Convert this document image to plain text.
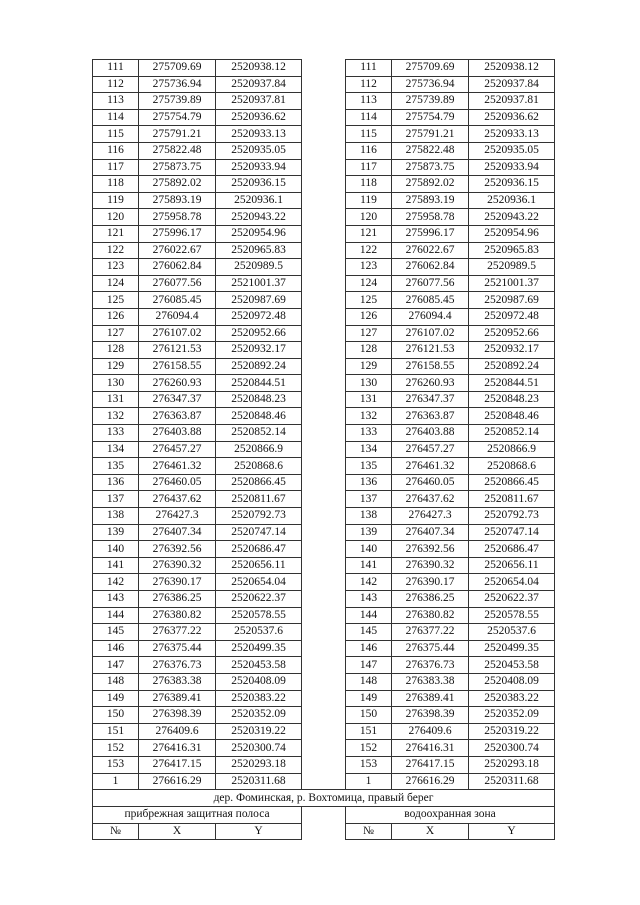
111	275709.69	2520938.12		111	275709.69	2520938.12
112	275736.94	2520937.84		112	275736.94	2520937.84
113	275739.89	2520937.81		113	275739.89	2520937.81
114	275754.79	2520936.62		114	275754.79	2520936.62
115	275791.21	2520933.13		115	275791.21	2520933.13
116	275822.48	2520935.05		116	275822.48	2520935.05
117	275873.75	2520933.94		117	275873.75	2520933.94
118	275892.02	2520936.15		118	275892.02	2520936.15
119	275893.19	2520936.1		119	275893.19	2520936.1
120	275958.78	2520943.22		120	275958.78	2520943.22
121	275996.17	2520954.96		121	275996.17	2520954.96
122	276022.67	2520965.83		122	276022.67	2520965.83
123	276062.84	2520989.5		123	276062.84	2520989.5
124	276077.56	2521001.37		124	276077.56	2521001.37
125	276085.45	2520987.69		125	276085.45	2520987.69
126	276094.4	2520972.48		126	276094.4	2520972.48
127	276107.02	2520952.66		127	276107.02	2520952.66
128	276121.53	2520932.17		128	276121.53	2520932.17
129	276158.55	2520892.24		129	276158.55	2520892.24
130	276260.93	2520844.51		130	276260.93	2520844.51
131	276347.37	2520848.23		131	276347.37	2520848.23
132	276363.87	2520848.46		132	276363.87	2520848.46
133	276403.88	2520852.14		133	276403.88	2520852.14
134	276457.27	2520866.9		134	276457.27	2520866.9
135	276461.32	2520868.6		135	276461.32	2520868.6
136	276460.05	2520866.45		136	276460.05	2520866.45
137	276437.62	2520811.67		137	276437.62	2520811.67
138	276427.3	2520792.73		138	276427.3	2520792.73
139	276407.34	2520747.14		139	276407.34	2520747.14
140	276392.56	2520686.47		140	276392.56	2520686.47
141	276390.32	2520656.11		141	276390.32	2520656.11
142	276390.17	2520654.04		142	276390.17	2520654.04
143	276386.25	2520622.37		143	276386.25	2520622.37
144	276380.82	2520578.55		144	276380.82	2520578.55
145	276377.22	2520537.6		145	276377.22	2520537.6
146	276375.44	2520499.35		146	276375.44	2520499.35
147	276376.73	2520453.58		147	276376.73	2520453.58
148	276383.38	2520408.09		148	276383.38	2520408.09
149	276389.41	2520383.22		149	276389.41	2520383.22
150	276398.39	2520352.09		150	276398.39	2520352.09
151	276409.6	2520319.22		151	276409.6	2520319.22
152	276416.31	2520300.74		152	276416.31	2520300.74
153	276417.15	2520293.18		153	276417.15	2520293.18
1	276616.29	2520311.68		1	276616.29	2520311.68
дер. Фоминская, р. Вохтомица, правый берег						
прибрежная защитная полоса				водоохранная зона		
№	X	Y		№	X	Y
